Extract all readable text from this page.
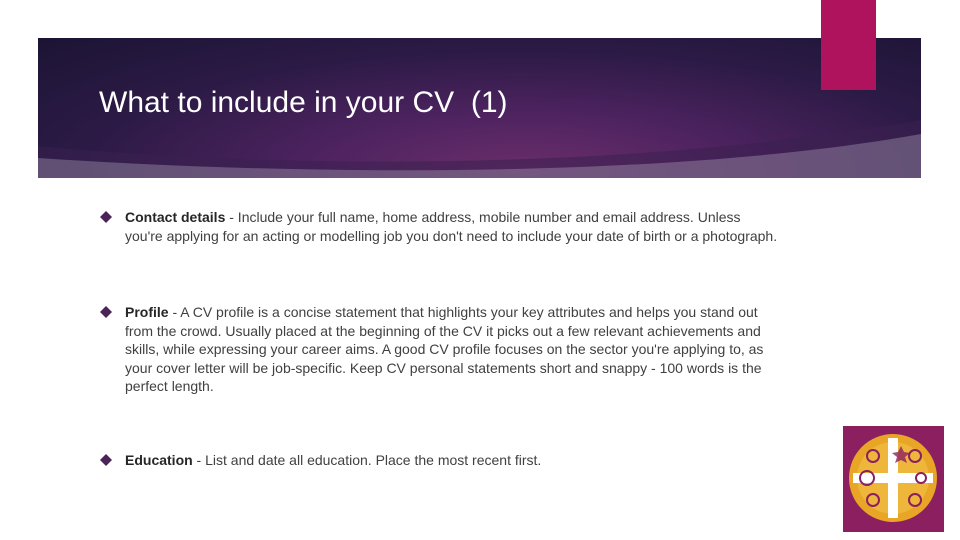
What to include in your CV  (1)
Contact details - Include your full name, home address, mobile number and email address. Unless you're applying for an acting or modelling job you don't need to include your date of birth or a photograph.
Profile - A CV profile is a concise statement that highlights your key attributes and helps you stand out from the crowd. Usually placed at the beginning of the CV it picks out a few relevant achievements and skills, while expressing your career aims. A good CV profile focuses on the sector you're applying to, as your cover letter will be job-specific. Keep CV personal statements short and snappy - 100 words is the perfect length.
Education - List and date all education. Place the most recent first.
